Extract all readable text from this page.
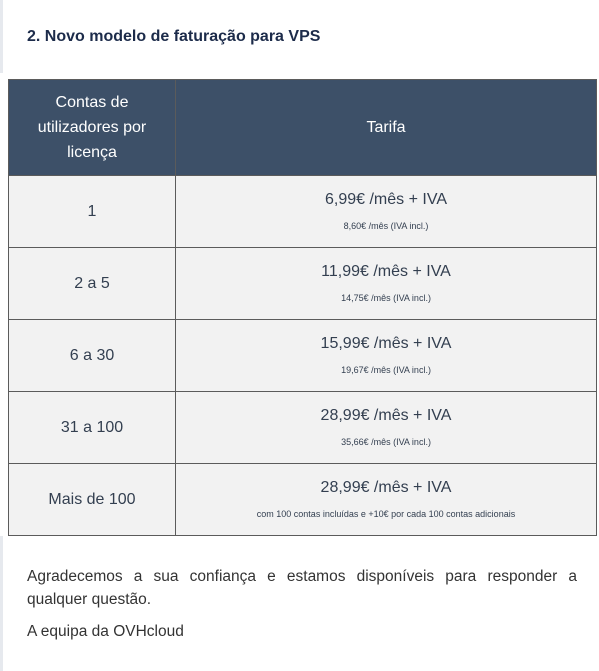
2. Novo modelo de faturação para VPS
Contas de utilizadores por licença	Tarifa
1	6,99€ /mês + IVA
8,60€ /mês (IVA incl.)

2 a 5	11,99€ /mês + IVA
14,75€ /mês (IVA incl.)

6 a 30	15,99€ /mês + IVA
19,67€ /mês (IVA incl.)

31 a 100	28,99€ /mês + IVA
35,66€ /mês (IVA incl.)

Mais de 100	28,99€ /mês + IVA
com 100 contas incluídas e +10€ por cada 100 contas adicionais

Agradecemos a sua confiança e estamos disponíveis para responder a qualquer questão.

A equipa da OVHcloud
